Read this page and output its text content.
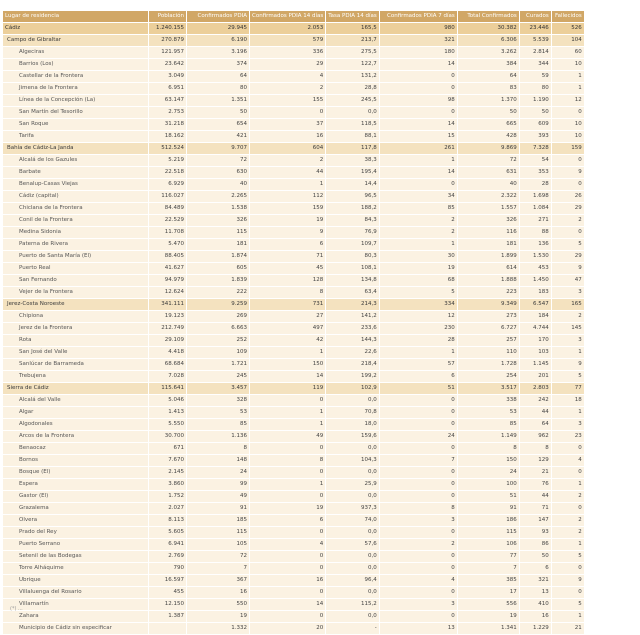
Lugar de residencia	Población	Confirmados PDIA	Confirmados PDIA 14 días	Tasa PDIA 14 días	Confirmados PDIA 7 días	Total Confirmados	Curados	Fallecidos
Cádiz	1.240.155	29.945	2.053	165,5	980	30.382	23.446	526
Campo de Gibraltar	270.879	6.190	579	213,7	321	6.306	5.539	104
Algeciras	121.957	3.196	336	275,5	180	3.262	2.814	60
Barrios (Los)	23.642	374	29	122,7	14	384	344	10
Castellar de la Frontera	3.049	64	4	131,2	0	64	59	1
Jimena de la Frontera	6.951	80	2	28,8	0	83	80	1
Línea de la Concepción (La)	63.147	1.351	155	245,5	98	1.370	1.190	12
San Martín del Tesorillo	2.753	50	0	0,0	0	50	50	0
San Roque	31.218	654	37	118,5	14	665	609	10
Tarifa	18.162	421	16	88,1	15	428	393	10
Bahía de Cádiz-La Janda	512.524	9.707	604	117,8	261	9.869	7.328	159
Alcalá de los Gazules	5.219	72	2	38,3	1	72	54	0
Barbate	22.518	630	44	195,4	14	631	353	9
Benalup-Casas Viejas	6.929	40	1	14,4	0	40	28	0
Cádiz (capital)	116.027	2.265	112	96,5	34	2.322	1.698	26
Chiclana de la Frontera	84.489	1.538	159	188,2	85	1.557	1.084	29
Conil de la Frontera	22.529	326	19	84,3	2	326	271	2
Medina Sidonia	11.708	115	9	76,9	2	116	88	0
Paterna de Rivera	5.470	181	6	109,7	1	181	136	5
Puerto de Santa María (El)	88.405	1.874	71	80,3	30	1.899	1.530	29
Puerto Real	41.627	605	45	108,1	19	614	453	9
San Fernando	94.979	1.839	128	134,8	68	1.888	1.450	47
Vejer de la Frontera	12.624	222	8	63,4	5	223	183	3
Jerez-Costa Noroeste	341.111	9.259	731	214,3	334	9.349	6.547	165
Chipiona	19.123	269	27	141,2	12	273	184	2
Jerez de la Frontera	212.749	6.663	497	233,6	230	6.727	4.744	145
Rota	29.109	252	42	144,3	28	257	170	3
San José del Valle	4.418	109	1	22,6	1	110	103	1
Sanlúcar de Barrameda	68.684	1.721	150	218,4	57	1.728	1.145	9
Trebujena	7.028	245	14	199,2	6	254	201	5
Sierra de Cádiz	115.641	3.457	119	102,9	51	3.517	2.803	77
Alcalá del Valle	5.046	328	0	0,0	0	338	242	18
Algar	1.413	53	1	70,8	0	53	44	1
Algodonales	5.550	85	1	18,0	0	85	64	3
Arcos de la Frontera	30.700	1.136	49	159,6	24	1.149	962	23
Benaocaz	671	8	0	0,0	0	8	8	0
Bornos	7.670	148	8	104,3	7	150	129	4
Bosque (El)	2.145	24	0	0,0	0	24	21	0
Espera	3.860	99	1	25,9	0	100	76	1
Gastor (El)	1.752	49	0	0,0	0	51	44	2
Grazalema	2.027	91	19	937,3	8	91	71	0
Olvera	8.113	185	6	74,0	3	186	147	2
Prado del Rey	5.605	115	0	0,0	0	115	93	2
Puerto Serrano	6.941	105	4	57,6	2	106	86	1
Setenil de las Bodegas	2.769	72	0	0,0	0	77	50	5
Torre Alháquime	790	7	0	0,0	0	7	6	0
Ubrique	16.597	367	16	96,4	4	385	321	9
Villaluenga del Rosario	455	16	0	0,0	0	17	13	0
Villamartín	12.150	550	14	115,2	3	556	410	5
Zahara	1.387	19	0	0,0	0	19	16	1
Municipio de Cádiz sin especificar		1.332	20	-	13	1.341	1.229	21
(*) ...
